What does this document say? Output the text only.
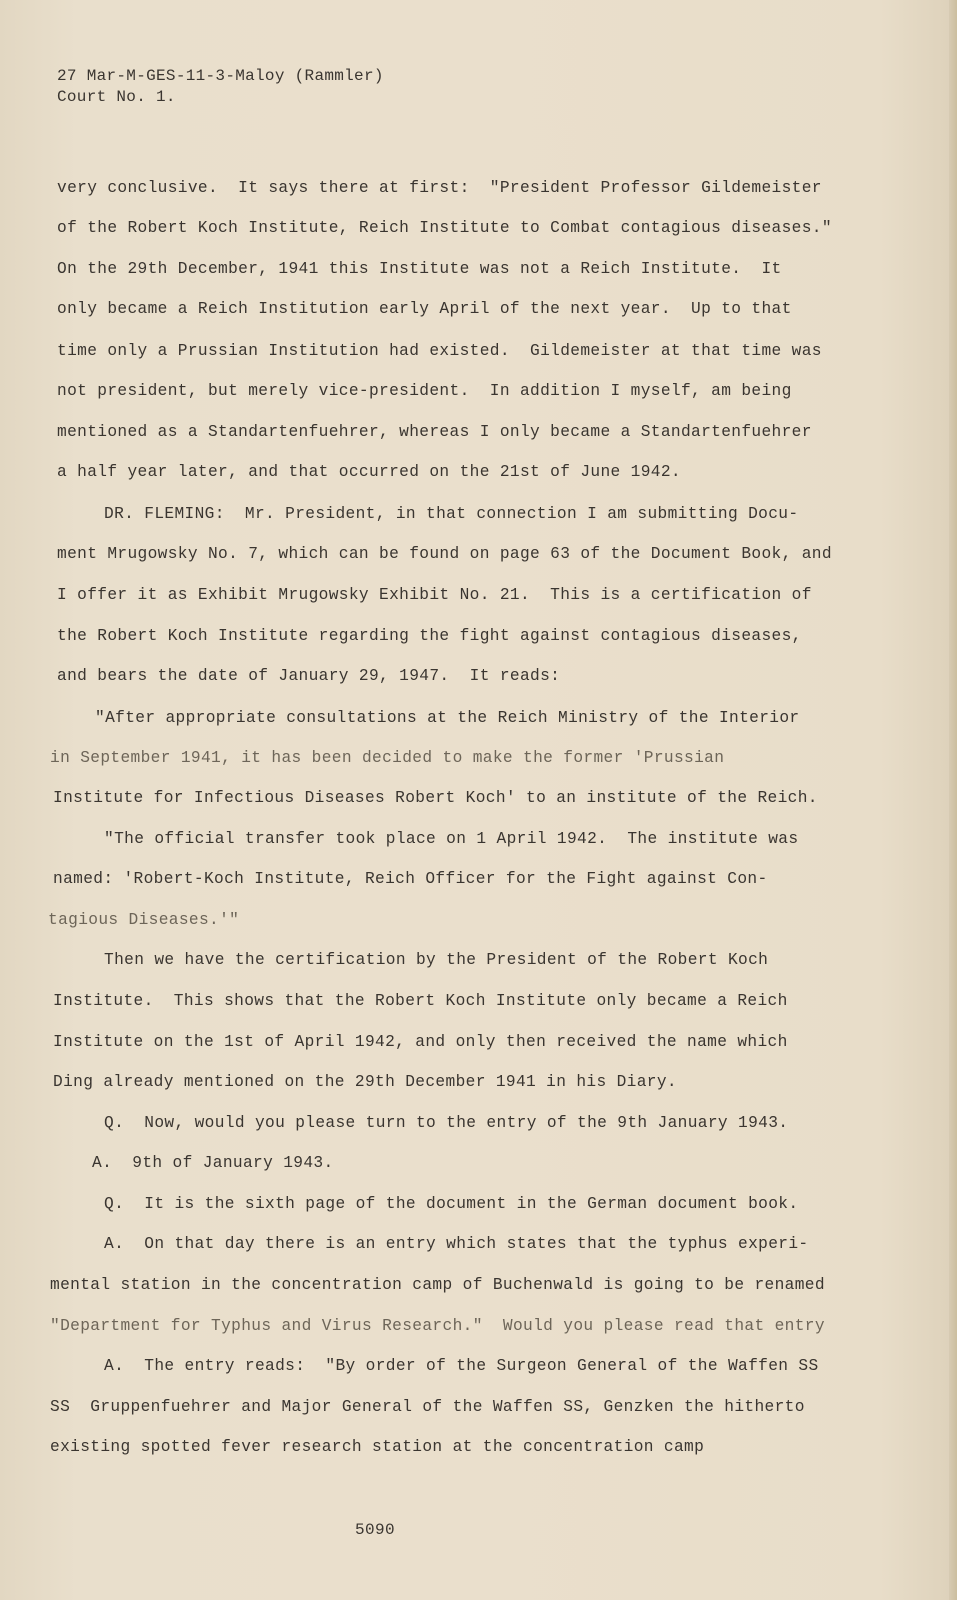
27 Mar-M-GES-11-3-Maloy (Rammler)
Court No. 1.
very conclusive.  It says there at first:  "President Professor Gildemeister
of the Robert Koch Institute, Reich Institute to Combat contagious diseases."
On the 29th December, 1941 this Institute was not a Reich Institute.  It
only became a Reich Institution early April of the next year.  Up to that
time only a Prussian Institution had existed.  Gildemeister at that time was
not president, but merely vice-president.  In addition I myself, am being
mentioned as a Standartenfuehrer, whereas I only became a Standartenfuehrer
a half year later, and that occurred on the 21st of June 1942.
DR. FLEMING:  Mr. President, in that connection I am submitting Docu-
ment Mrugowsky No. 7, which can be found on page 63 of the Document Book, and
I offer it as Exhibit Mrugowsky Exhibit No. 21.  This is a certification of
the Robert Koch Institute regarding the fight against contagious diseases,
and bears the date of January 29, 1947.  It reads:
"After appropriate consultations at the Reich Ministry of the Interior
in September 1941, it has been decided to make the former 'Prussian
Institute for Infectious Diseases Robert Koch' to an institute of the Reich.
"The official transfer took place on 1 April 1942.  The institute was
named: 'Robert-Koch Institute, Reich Officer for the Fight against Con-
tagious Diseases.'"
Then we have the certification by the President of the Robert Koch
Institute.  This shows that the Robert Koch Institute only became a Reich
Institute on the 1st of April 1942, and only then received the name which
Ding already mentioned on the 29th December 1941 in his Diary.
Q.  Now, would you please turn to the entry of the 9th January 1943.
A.  9th of January 1943.
Q.  It is the sixth page of the document in the German document book.
A.  On that day there is an entry which states that the typhus experi-
mental station in the concentration camp of Buchenwald is going to be renamed
"Department for Typhus and Virus Research."  Would you please read that entry
A.  The entry reads:  "By order of the Surgeon General of the Waffen SS
SS  Gruppenfuehrer and Major General of the Waffen SS, Genzken the hitherto
existing spotted fever research station at the concentration camp
5090
